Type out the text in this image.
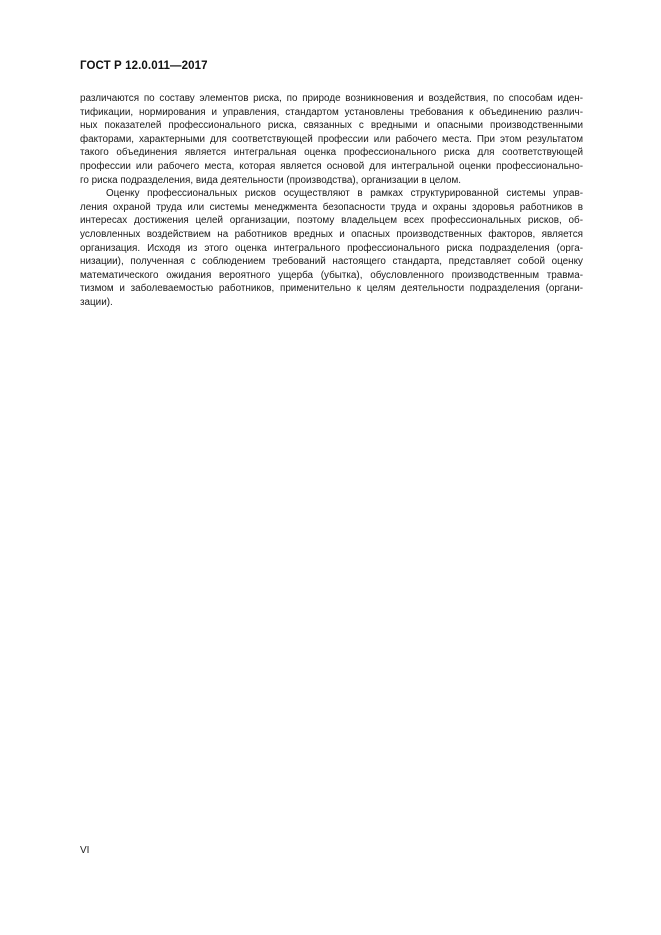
ГОСТ Р 12.0.011—2017
различаются по составу элементов риска, по природе возникновения и воздействия, по способам иден-
тификации, нормирования и управления, стандартом установлены требования к объединению различ-
ных показателей профессионального риска, связанных с вредными и опасными производственными
факторами, характерными для соответствующей профессии или рабочего места. При этом результатом
такого объединения является интегральная оценка профессионального риска для соответствующей
профессии или рабочего места, которая является основой для интегральной оценки профессионально-
го риска подразделения, вида деятельности (производства), организации в целом.
Оценку профессиональных рисков осуществляют в рамках структурированной системы управ-
ления охраной труда или системы менеджмента безопасности труда и охраны здоровья работников в
интересах достижения целей организации, поэтому владельцем всех профессиональных рисков, об-
условленных воздействием на работников вредных и опасных производственных факторов, является
организация. Исходя из этого оценка интегрального профессионального риска подразделения (орга-
низации), полученная с соблюдением требований настоящего стандарта, представляет собой оценку
математического ожидания вероятного ущерба (убытка), обусловленного производственным травма-
тизмом и заболеваемостью работников, применительно к целям деятельности подразделения (органи-
зации).
VI
